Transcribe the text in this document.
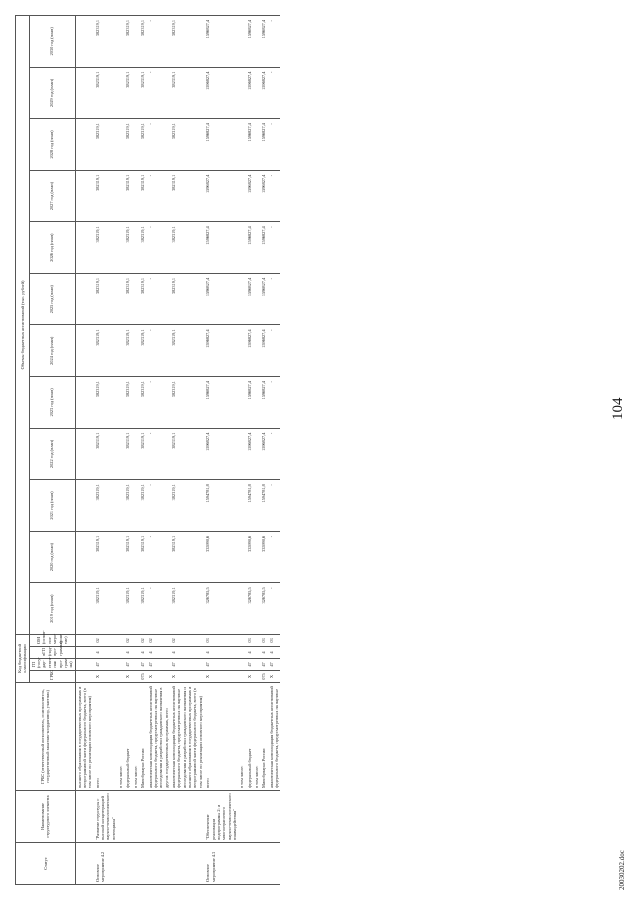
Статус	Наименование структурного элемента	ГРБС (ответственный исполнитель, соисполнитель, государственный заказчик-координатор, участник)	Код бюджетной классификации				Объемы бюджетных ассигнований (тыс. рублей)											
			ГРБС	ГП (госу-дар-ствен-ная про-грам-ма)	пГП (под-про-грамма)	ОМ (основ-ное меро-прия-тие)	2019 год (план)	2020 год (план)	2021 год (план)	2022 год (план)	2023 год (план)	2024 год (план)	2025 год (план)	2026 год (план)	2027 год (план)	2028 год (план)	2029 год (план)	2030 год (план)
		высшего образования в государственных программах и непрограммной части федерального бюджета, всего (в том числе по реализации основного мероприятия)																
Основное мероприятие 4.2	"Развитие структуры с высокой концентрацией научно-технологического потенциала"	всего	X	47	4	02	382319,1	382319,1	382319,1	382319,1	382319,1	382319,1	382319,1	382319,1	382319,1	382319,1	382319,1	382319,1
		в том числе:																
		федеральный бюджет	X	47	4	02	382319,1	382319,1	382319,1	382319,1	382319,1	382319,1	382319,1	382319,1	382319,1	382319,1	382319,1	382319,1
		в том числе:																
		Минобрнауки России	075	47	4	02	382319,1	382319,1	382319,1	382319,1	382319,1	382319,1	382319,1	382319,1	382319,1	382319,1	382319,1	382319,1
		аналитическая консолидация бюджетных ассигнований федерального бюджета, предусмотренных на научные исследования и разработки гражданского назначения в других государственных программах, всего	X	47	4	02	-	-	-	-	-	-	-	-	-	-	-	-
		аналитическая консолидация бюджетных ассигнований федерального бюджета, предусмотренных на научные исследования и разработки гражданского назначения и высшего образования в государственных программах и непрограммной части федерального бюджета, всего (в том числе по реализации основного мероприятия)	X	47	4	02	382319,1	382319,1	382319,1	382319,1	382319,1	382319,1	382319,1	382319,1	382319,1	382319,1	382319,1	382319,1
Основное мероприятие 4.3	"Обеспечение реализации подпрограммы 2: и многоотраслевого научно-технологического взаимодействия"	всего	X	47	4	03	326785,5	335990,6	1594781,8	1596827,4	1596827,4	1596827,4	1596827,4	1596827,4	1596827,4	1596827,4	1596827,4	1596827,4
		в том числе:																
		федеральный бюджет	X	47	4	03	326785,5	335990,6	1594781,8	1596827,4	1596827,4	1596827,4	1596827,4	1596827,4	1596827,4	1596827,4	1596827,4	1596827,4
		в том числе:																
		Минобрнауки России	075	47	4	03	326785,5	335990,6	1594781,8	1596827,4	1596827,4	1596827,4	1596827,4	1596827,4	1596827,4	1596827,4	1596827,4	1596827,4
		аналитическая консолидация бюджетных ассигнований федерального бюджета, предусмотренных на научные	X	47	4	03	-	-	-	-	-	-	-	-	-	-	-	-
104
20030202.doc
